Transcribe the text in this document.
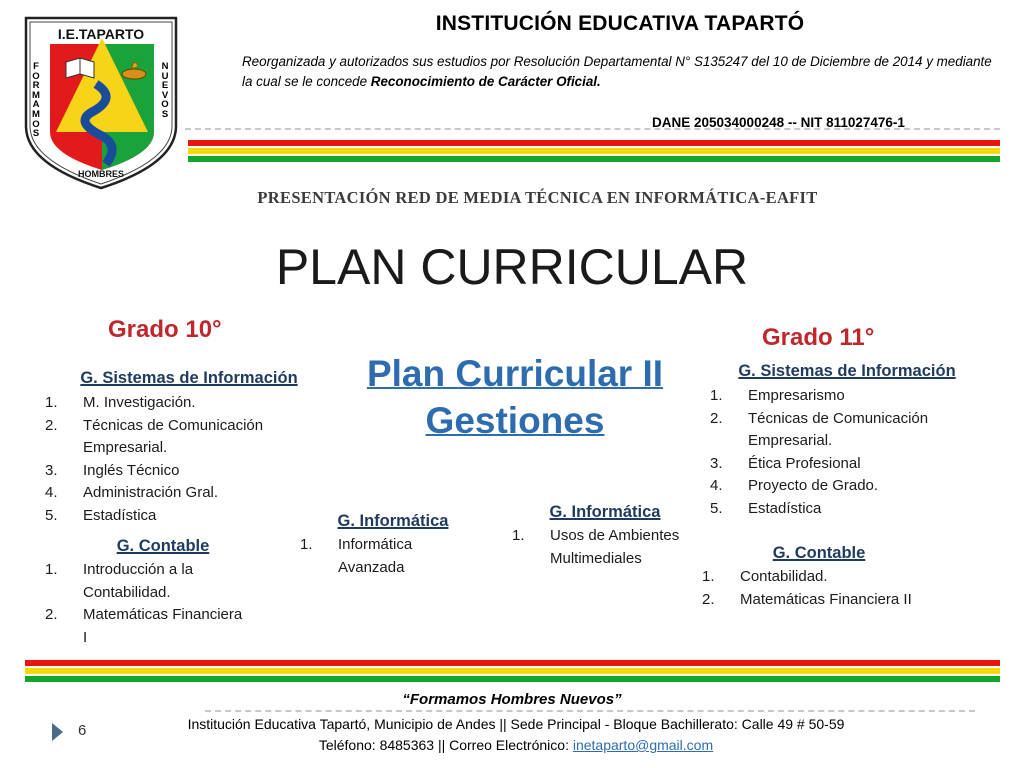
I.E.TAPARTO
HOMBRES
FORMAMOS
NUEVOS
INSTITUCIÓN EDUCATIVA TAPARTÓ
Reorganizada y autorizados sus estudios por Resolución Departamental N° S135247 del 10 de Diciembre de 2014 y mediante la cual se le concede Reconocimiento de Carácter Oficial.
DANE 205034000248 -- NIT 811027476-1
PRESENTACIÓN RED DE MEDIA TÉCNICA EN INFORMÁTICA-EAFIT
PLAN CURRICULAR
Grado 10°
G. Sistemas de Información
1. M. Investigación.
2. Técnicas de Comunicación Empresarial.
3. Inglés Técnico
4. Administración Gral.
5. Estadística
G. Contable
1. Introducción a la Contabilidad.
2. Matemáticas Financiera I
G. Informática
1. Informática Avanzada
Plan Curricular II
Gestiones
Grado 11°
G. Sistemas de Información
1. Empresarismo
2. Técnicas de Comunicación Empresarial.
3. Ética Profesional
4. Proyecto de Grado.
5. Estadística
G. Informática
1. Usos de Ambientes Multimediales	G. Contable
1. Contabilidad.
2. Matemáticas Financiera II
“Formamos Hombres Nuevos”
6	Institución Educativa Tapartó, Municipio de Andes || Sede Principal - Bloque Bachillerato: Calle 49 # 50-59
Teléfono: 8485363 || Correo Electrónico: inetaparto@gmail.com
